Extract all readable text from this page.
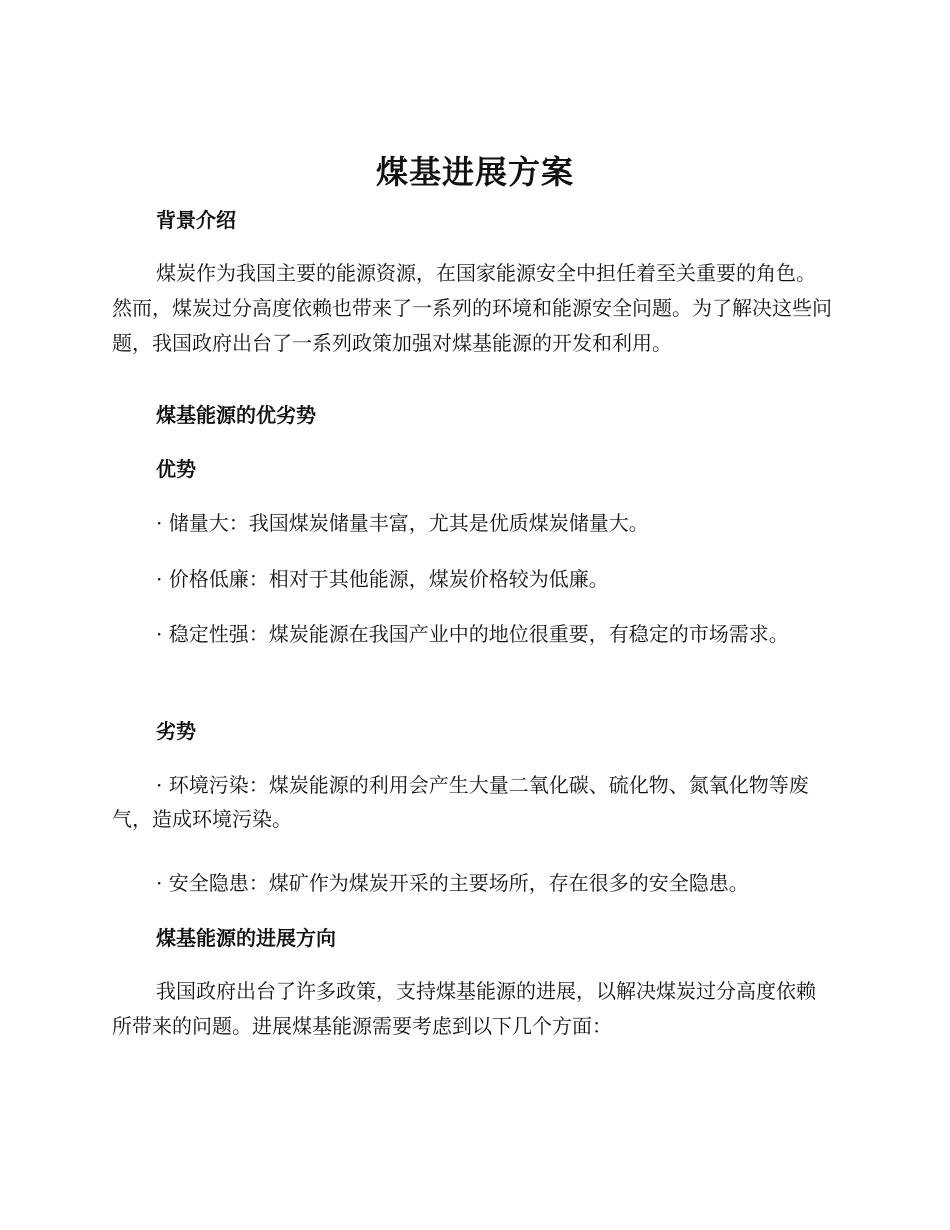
煤基进展方案
背景介绍

煤炭作为我国主要的能源资源，在国家能源安全中担任着至关重要的角色。然而，煤炭过分高度依赖也带来了一系列的环境和能源安全问题。为了解决这些问题，我国政府出台了一系列政策加强对煤基能源的开发和利用。

煤基能源的优劣势
优势

· 储量大：我国煤炭储量丰富，尤其是优质煤炭储量大。

· 价格低廉：相对于其他能源，煤炭价格较为低廉。

· 稳定性强：煤炭能源在我国产业中的地位很重要，有稳定的市场需求。

劣势

· 环境污染：煤炭能源的利用会产生大量二氧化碳、硫化物、氮氧化物等废气，造成环境污染。

· 安全隐患：煤矿作为煤炭开采的主要场所，存在很多的安全隐患。

煤基能源的进展方向

我国政府出台了许多政策，支持煤基能源的进展，以解决煤炭过分高度依赖所带来的问题。进展煤基能源需要考虑到以下几个方面：
